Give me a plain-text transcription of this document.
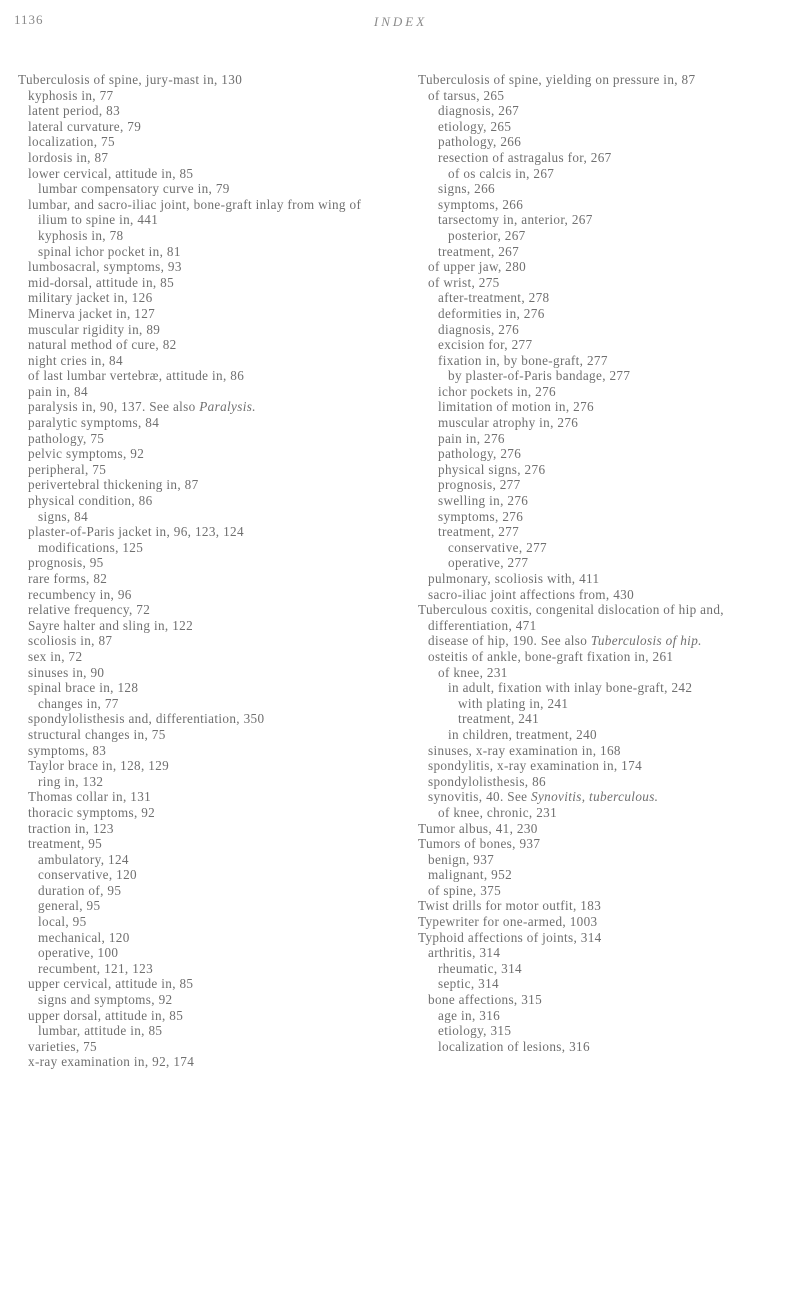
1136	INDEX
Tuberculosis of spine, jury-mast in, 130
kyphosis in, 77
latent period, 83
lateral curvature, 79
localization, 75
lordosis in, 87
lower cervical, attitude in, 85
lumbar compensatory curve in, 79
lumbar, and sacro-iliac joint, bone-graft inlay from wing of ilium to spine in, 441
kyphosis in, 78
spinal ichor pocket in, 81
lumbosacral, symptoms, 93
mid-dorsal, attitude in, 85
military jacket in, 126
Minerva jacket in, 127
muscular rigidity in, 89
natural method of cure, 82
night cries in, 84
of last lumbar vertebræ, attitude in, 86
pain in, 84
paralysis in, 90, 137. See also Paralysis.
paralytic symptoms, 84
pathology, 75
pelvic symptoms, 92
peripheral, 75
perivertebral thickening in, 87
physical condition, 86
signs, 84
plaster-of-Paris jacket in, 96, 123, 124
modifications, 125
prognosis, 95
rare forms, 82
recumbency in, 96
relative frequency, 72
Sayre halter and sling in, 122
scoliosis in, 87
sex in, 72
sinuses in, 90
spinal brace in, 128
changes in, 77
spondylolisthesis and, differentiation, 350
structural changes in, 75
symptoms, 83
Taylor brace in, 128, 129
ring in, 132
Thomas collar in, 131
thoracic symptoms, 92
traction in, 123
treatment, 95
ambulatory, 124
conservative, 120
duration of, 95
general, 95
local, 95
mechanical, 120
operative, 100
recumbent, 121, 123
upper cervical, attitude in, 85
signs and symptoms, 92
upper dorsal, attitude in, 85
lumbar, attitude in, 85
varieties, 75
x-ray examination in, 92, 174
Tuberculosis of spine, yielding on pressure in, 87
of tarsus, 265
diagnosis, 267
etiology, 265
pathology, 266
resection of astragalus for, 267
of os calcis in, 267
signs, 266
symptoms, 266
tarsectomy in, anterior, 267
posterior, 267
treatment, 267
of upper jaw, 280
of wrist, 275
after-treatment, 278
deformities in, 276
diagnosis, 276
excision for, 277
fixation in, by bone-graft, 277
by plaster-of-Paris bandage, 277
ichor pockets in, 276
limitation of motion in, 276
muscular atrophy in, 276
pain in, 276
pathology, 276
physical signs, 276
prognosis, 277
swelling in, 276
symptoms, 276
treatment, 277
conservative, 277
operative, 277
pulmonary, scoliosis with, 411
sacro-iliac joint affections from, 430
Tuberculous coxitis, congenital dislocation of hip and, differentiation, 471
disease of hip, 190. See also Tuberculosis of hip.
osteitis of ankle, bone-graft fixation in, 261
of knee, 231
in adult, fixation with inlay bone-graft, 242
with plating in, 241
treatment, 241
in children, treatment, 240
sinuses, x-ray examination in, 168
spondylitis, x-ray examination in, 174
spondylolisthesis, 86
synovitis, 40. See Synovitis, tuberculous.
of knee, chronic, 231
Tumor albus, 41, 230
Tumors of bones, 937
benign, 937
malignant, 952
of spine, 375
Twist drills for motor outfit, 183
Typewriter for one-armed, 1003
Typhoid affections of joints, 314
arthritis, 314
rheumatic, 314
septic, 314
bone affections, 315
age in, 316
etiology, 315
localization of lesions, 316
